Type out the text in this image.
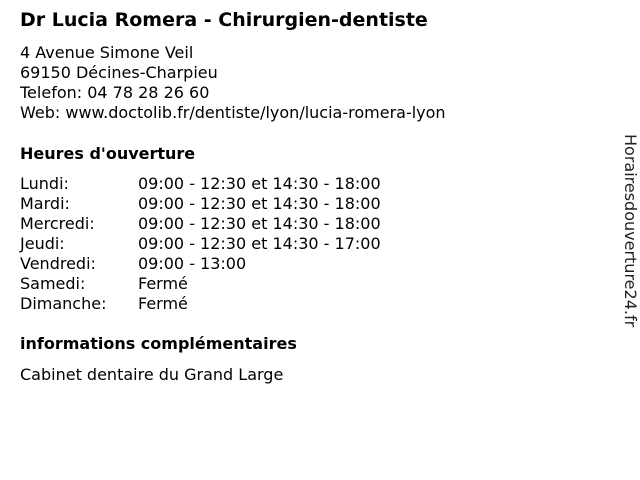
Dr Lucia Romera - Chirurgien-dentiste
4 Avenue Simone Veil
69150 Décines-Charpieu
Telefon: 04 78 28 26 60
Web: www.doctolib.fr/dentiste/lyon/lucia-romera-lyon
Heures d'ouverture
Lundi:	09:00 - 12:30 et 14:30 - 18:00
Mardi:	09:00 - 12:30 et 14:30 - 18:00
Mercredi:	09:00 - 12:30 et 14:30 - 18:00
Jeudi:	09:00 - 12:30 et 14:30 - 17:00
Vendredi:	09:00 - 13:00
Samedi:	Fermé
Dimanche:	Fermé
informations complémentaires
Cabinet dentaire du Grand Large
Horairesdouverture24.fr
